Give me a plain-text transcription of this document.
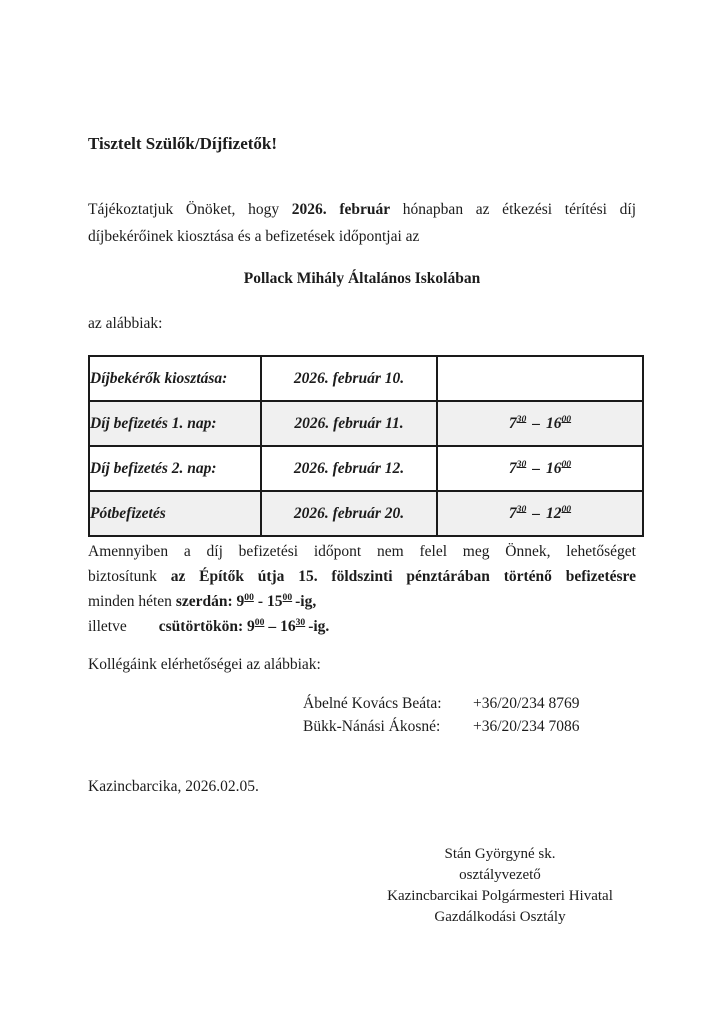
Tisztelt Szülők/Díjfizetők!

Tájékoztatjuk Önöket, hogy 2026. február hónapban az étkezési térítési díj
díjbekérőinek kiosztása és a befizetések időpontjai az

Pollack Mihály Általános Iskolában

az alábbiak:

Díjbekérők kiosztása:	2026. február 10.	
Díj befizetés 1. nap:	2026. február 11.	$7^{30} - 16^{00}$
Díj befizetés 2. nap:	2026. február 12.	$7^{30} - 16^{00}$
Pótbefizetés	2026. február 20.	$7^{30} - 12^{00}$
Amennyiben a díj befizetési időpont nem felel meg Önnek, lehetőséget
biztosítunk az Építők útja 15. földszinti pénztárában történő befizetésre
minden héten szerdán: $9^{00} - 15^{00}$ -ig,
illetve csütörtökön: $9^{00} - 16^{30}$ -ig.

Kollégáink elérhetőségei az alábbiak:

Ábelné Kovács Beáta:	+36/20/234 8769
Bükk-Nánási Ákosné:	+36/20/234 7086

Kazincbarcika, 2026.02.05.

Stán Györgyné sk.
osztályvezető
Kazincbarcikai Polgármesteri Hivatal
Gazdálkodási Osztály
